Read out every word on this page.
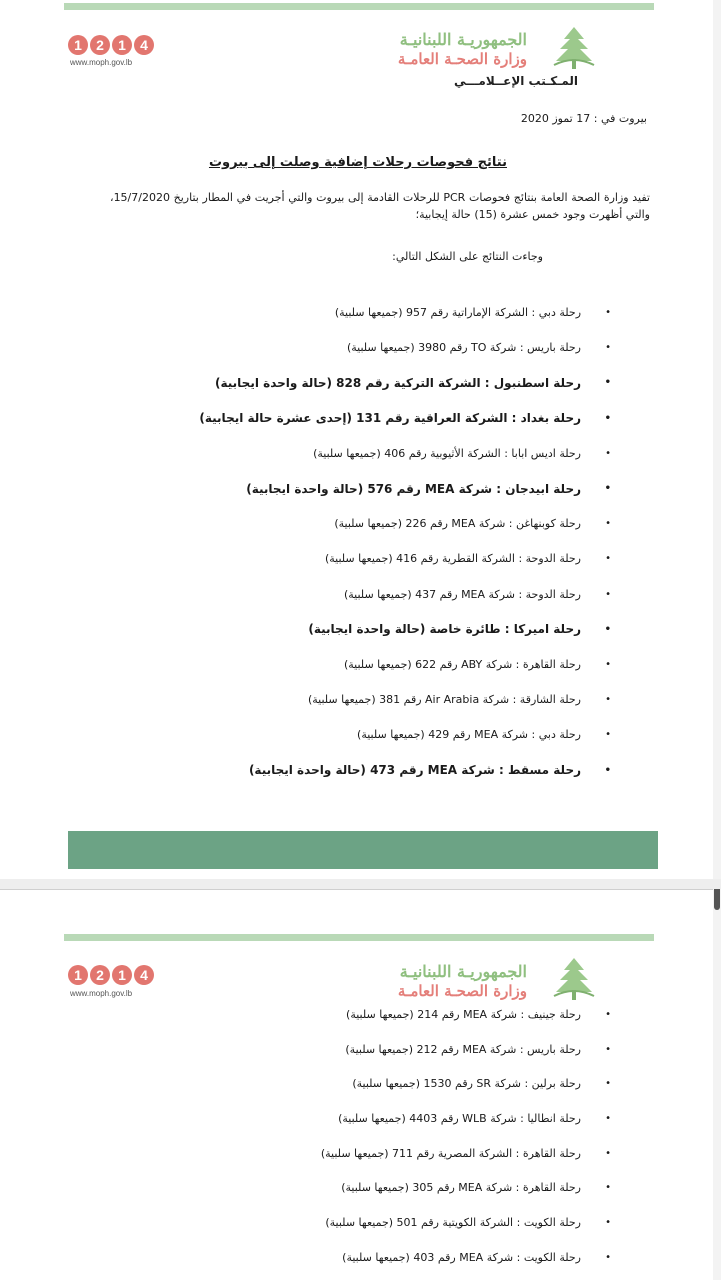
1	2	1	4
www.moph.gov.lb
الجمهوريـة اللبنانيـة
وزارة الصحـة العامـة
المـكـتب الإعــلامـــي
بيروت في : 17 تموز 2020
نتائج فحوصات رحلات إضافية وصلت إلى بيروت
تفيد وزارة الصحة العامة بنتائج فحوصات PCR للرحلات القادمة إلى بيروت والتي أجريت في المطار بتاريخ 15/7/2020، والتي أظهرت وجود خمس عشرة (15) حالة إيجابية؛
وجاءت النتائج على الشكل التالي:
•
رحلة دبي : الشركة الإماراتية رقم 957 (جميعها سلبية)
•
رحلة باريس : شركة TO رقم 3980 (جميعها سلبية)
•
رحلة اسطنبول : الشركة التركية رقم 828 (حالة واحدة ايجابية)
•
رحلة بغداد : الشركة العراقية رقم 131 (إحدى عشرة حالة ايجابية)
•
رحلة اديس ابابا : الشركة الأثيوبية رقم 406 (جميعها سلبية)
•
رحلة ابيدجان : شركة MEA رقم 576 (حالة واحدة ايجابية)
•
رحلة كوبنهاغن : شركة MEA رقم 226 (جميعها سلبية)
•
رحلة الدوحة : الشركة القطرية رقم 416 (جميعها سلبية)
•
رحلة الدوحة : شركة MEA رقم 437 (جميعها سلبية)
•
رحلة اميركا : طائرة خاصة (حالة واحدة ايجابية)
•
رحلة القاهرة : شركة ABY رقم 622 (جميعها سلبية)
•
رحلة الشارقة : شركة Air Arabia رقم 381 (جميعها سلبية)
•
رحلة دبي : شركة MEA رقم 429 (جميعها سلبية)
•
رحلة مسقط : شركة MEA رقم 473 (حالة واحدة ايجابية)
1	2	1	4
www.moph.gov.lb
الجمهوريـة اللبنانيـة
وزارة الصحـة العامـة
•
رحلة جينيف : شركة MEA رقم 214 (جميعها سلبية)
•
رحلة باريس : شركة MEA رقم 212 (جميعها سلبية)
•
رحلة برلين : شركة SR رقم 1530 (جميعها سلبية)
•
رحلة انطاليا : شركة WLB رقم 4403 (جميعها سلبية)
•
رحلة القاهرة : الشركة المصرية رقم 711 (جميعها سلبية)
•
رحلة القاهرة : شركة MEA رقم 305 (جميعها سلبية)
•
رحلة الكويت : الشركة الكويتية رقم 501 (جميعها سلبية)
•
رحلة الكويت : شركة MEA رقم 403 (جميعها سلبية)
